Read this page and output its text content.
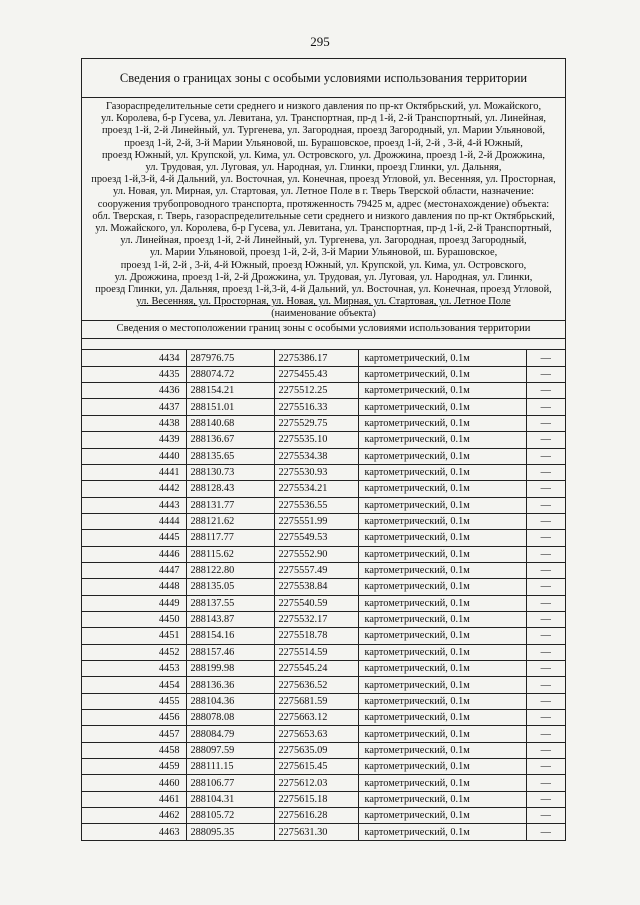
295
Сведения о границах зоны с особыми условиями использования территории
Газораспределительные сети среднего и низкого давления по пр-кт Октябрьский, ул. Можайского,
ул. Королева, б-р Гусева, ул. Левитана, ул. Транспортная, пр-д 1-й, 2-й Транспортный, ул. Линейная,
проезд 1-й, 2-й Линейный, ул. Тургенева, ул. Загородная, проезд Загородный, ул. Марии Ульяновой,
проезд 1-й, 2-й, 3-й Марии Ульяновой, ш. Бурашовское, проезд 1-й, 2-й , 3-й, 4-й Южный,
проезд Южный, ул. Крупской, ул. Кима, ул. Островского, ул. Дрожжина, проезд 1-й, 2-й Дрожжина,
ул. Трудовая, ул. Луговая, ул. Народная, ул. Глинки, проезд Глинки, ул. Дальняя,
проезд 1-й,3-й, 4-й Дальний, ул. Восточная, ул. Конечная, проезд Угловой, ул. Весенняя, ул. Просторная,
ул. Новая, ул. Мирная, ул. Стартовая, ул. Летное Поле в г. Тверь Тверской области, назначение:
сооружения трубопроводного транспорта, протяженность 79425 м, адрес (местонахождение) объекта:
обл. Тверская, г. Тверь, газораспределительные сети среднего и низкого давления по пр-кт Октябрьский,
ул. Можайского, ул. Королева, б-р Гусева, ул. Левитана, ул. Транспортная, пр-д 1-й, 2-й Транспортный,
ул. Линейная, проезд 1-й, 2-й Линейный, ул. Тургенева, ул. Загородная, проезд Загородный,
ул. Марии Ульяновой, проезд 1-й, 2-й, 3-й Марии Ульяновой, ш. Бурашовское,
проезд 1-й, 2-й , 3-й, 4-й Южный, проезд Южный, ул. Крупской, ул. Кима, ул. Островского,
ул. Дрожжина, проезд 1-й, 2-й Дрожжина, ул. Трудовая, ул. Луговая, ул. Народная, ул. Глинки,
проезд Глинки, ул. Дальняя, проезд 1-й,3-й, 4-й Дальний, ул. Восточная, ул. Конечная, проезд Угловой,
ул. Весенняя, ул. Просторная, ул. Новая, ул. Мирная, ул. Стартовая, ул. Летное Поле
(наименование объекта)
Сведения о местоположении границ зоны с особыми условиями использования территории
4434	287976.75	2275386.17	картометрический, 0.1м	—
4435	288074.72	2275455.43	картометрический, 0.1м	—
4436	288154.21	2275512.25	картометрический, 0.1м	—
4437	288151.01	2275516.33	картометрический, 0.1м	—
4438	288140.68	2275529.75	картометрический, 0.1м	—
4439	288136.67	2275535.10	картометрический, 0.1м	—
4440	288135.65	2275534.38	картометрический, 0.1м	—
4441	288130.73	2275530.93	картометрический, 0.1м	—
4442	288128.43	2275534.21	картометрический, 0.1м	—
4443	288131.77	2275536.55	картометрический, 0.1м	—
4444	288121.62	2275551.99	картометрический, 0.1м	—
4445	288117.77	2275549.53	картометрический, 0.1м	—
4446	288115.62	2275552.90	картометрический, 0.1м	—
4447	288122.80	2275557.49	картометрический, 0.1м	—
4448	288135.05	2275538.84	картометрический, 0.1м	—
4449	288137.55	2275540.59	картометрический, 0.1м	—
4450	288143.87	2275532.17	картометрический, 0.1м	—
4451	288154.16	2275518.78	картометрический, 0.1м	—
4452	288157.46	2275514.59	картометрический, 0.1м	—
4453	288199.98	2275545.24	картометрический, 0.1м	—
4454	288136.36	2275636.52	картометрический, 0.1м	—
4455	288104.36	2275681.59	картометрический, 0.1м	—
4456	288078.08	2275663.12	картометрический, 0.1м	—
4457	288084.79	2275653.63	картометрический, 0.1м	—
4458	288097.59	2275635.09	картометрический, 0.1м	—
4459	288111.15	2275615.45	картометрический, 0.1м	—
4460	288106.77	2275612.03	картометрический, 0.1м	—
4461	288104.31	2275615.18	картометрический, 0.1м	—
4462	288105.72	2275616.28	картометрический, 0.1м	—
4463	288095.35	2275631.30	картометрический, 0.1м	—
